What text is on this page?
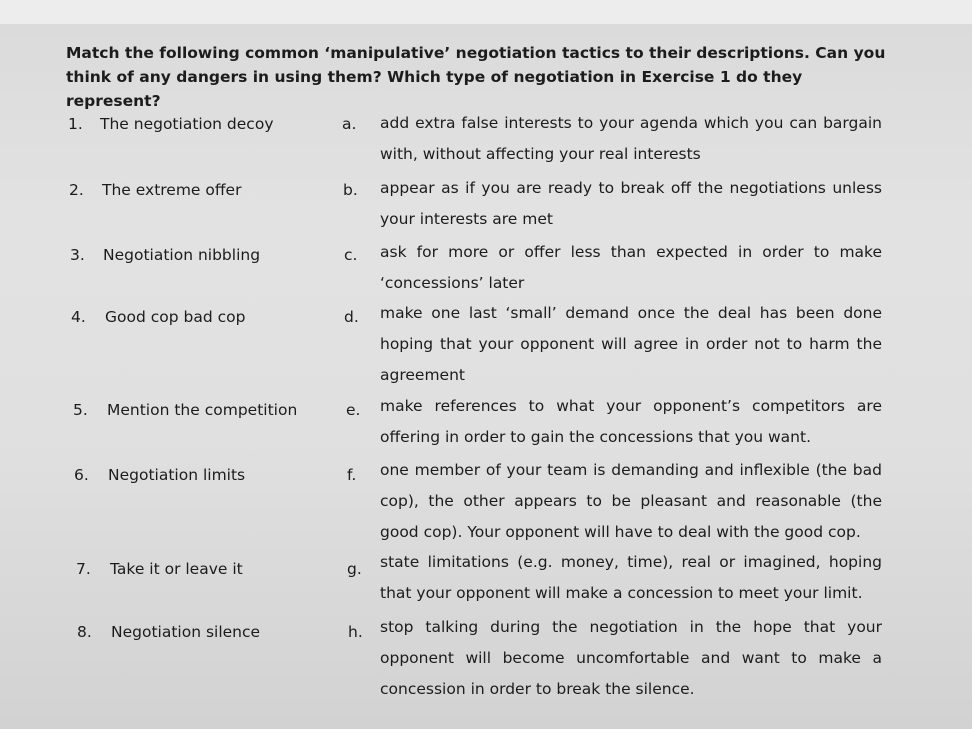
Match the following common ‘manipulative’ negotiation tactics to their descriptions. Can you think of any dangers in using them? Which type of negotiation in Exercise 1 do they represent?

1. The negotiation decoy
2. The extreme offer
3. Negotiation nibbling
4. Good cop bad cop
5. Mention the competition
6. Negotiation limits
7. Take it or leave it
8. Negotiation silence
a. add extra false interests to your agenda which you can bargain with, without affecting your real interests

b. appear as if you are ready to break off the negotiations unless your interests are met

c. ask for more or offer less than expected in order to make ‘concessions’ later

d. make one last ‘small’ demand once the deal has been done hoping that your opponent will agree in order not to harm the agreement

e. make references to what your opponent’s competitors are offering in order to gain the concessions that you want.

f. one member of your team is demanding and inflexible (the bad cop), the other appears to be pleasant and reasonable (the good cop). Your opponent will have to deal with the good cop.

g. state limitations (e.g. money, time), real or imagined, hoping that your opponent will make a concession to meet your limit.

h. stop talking during the negotiation in the hope that your opponent will become uncomfortable and want to make a concession in order to break the silence.
